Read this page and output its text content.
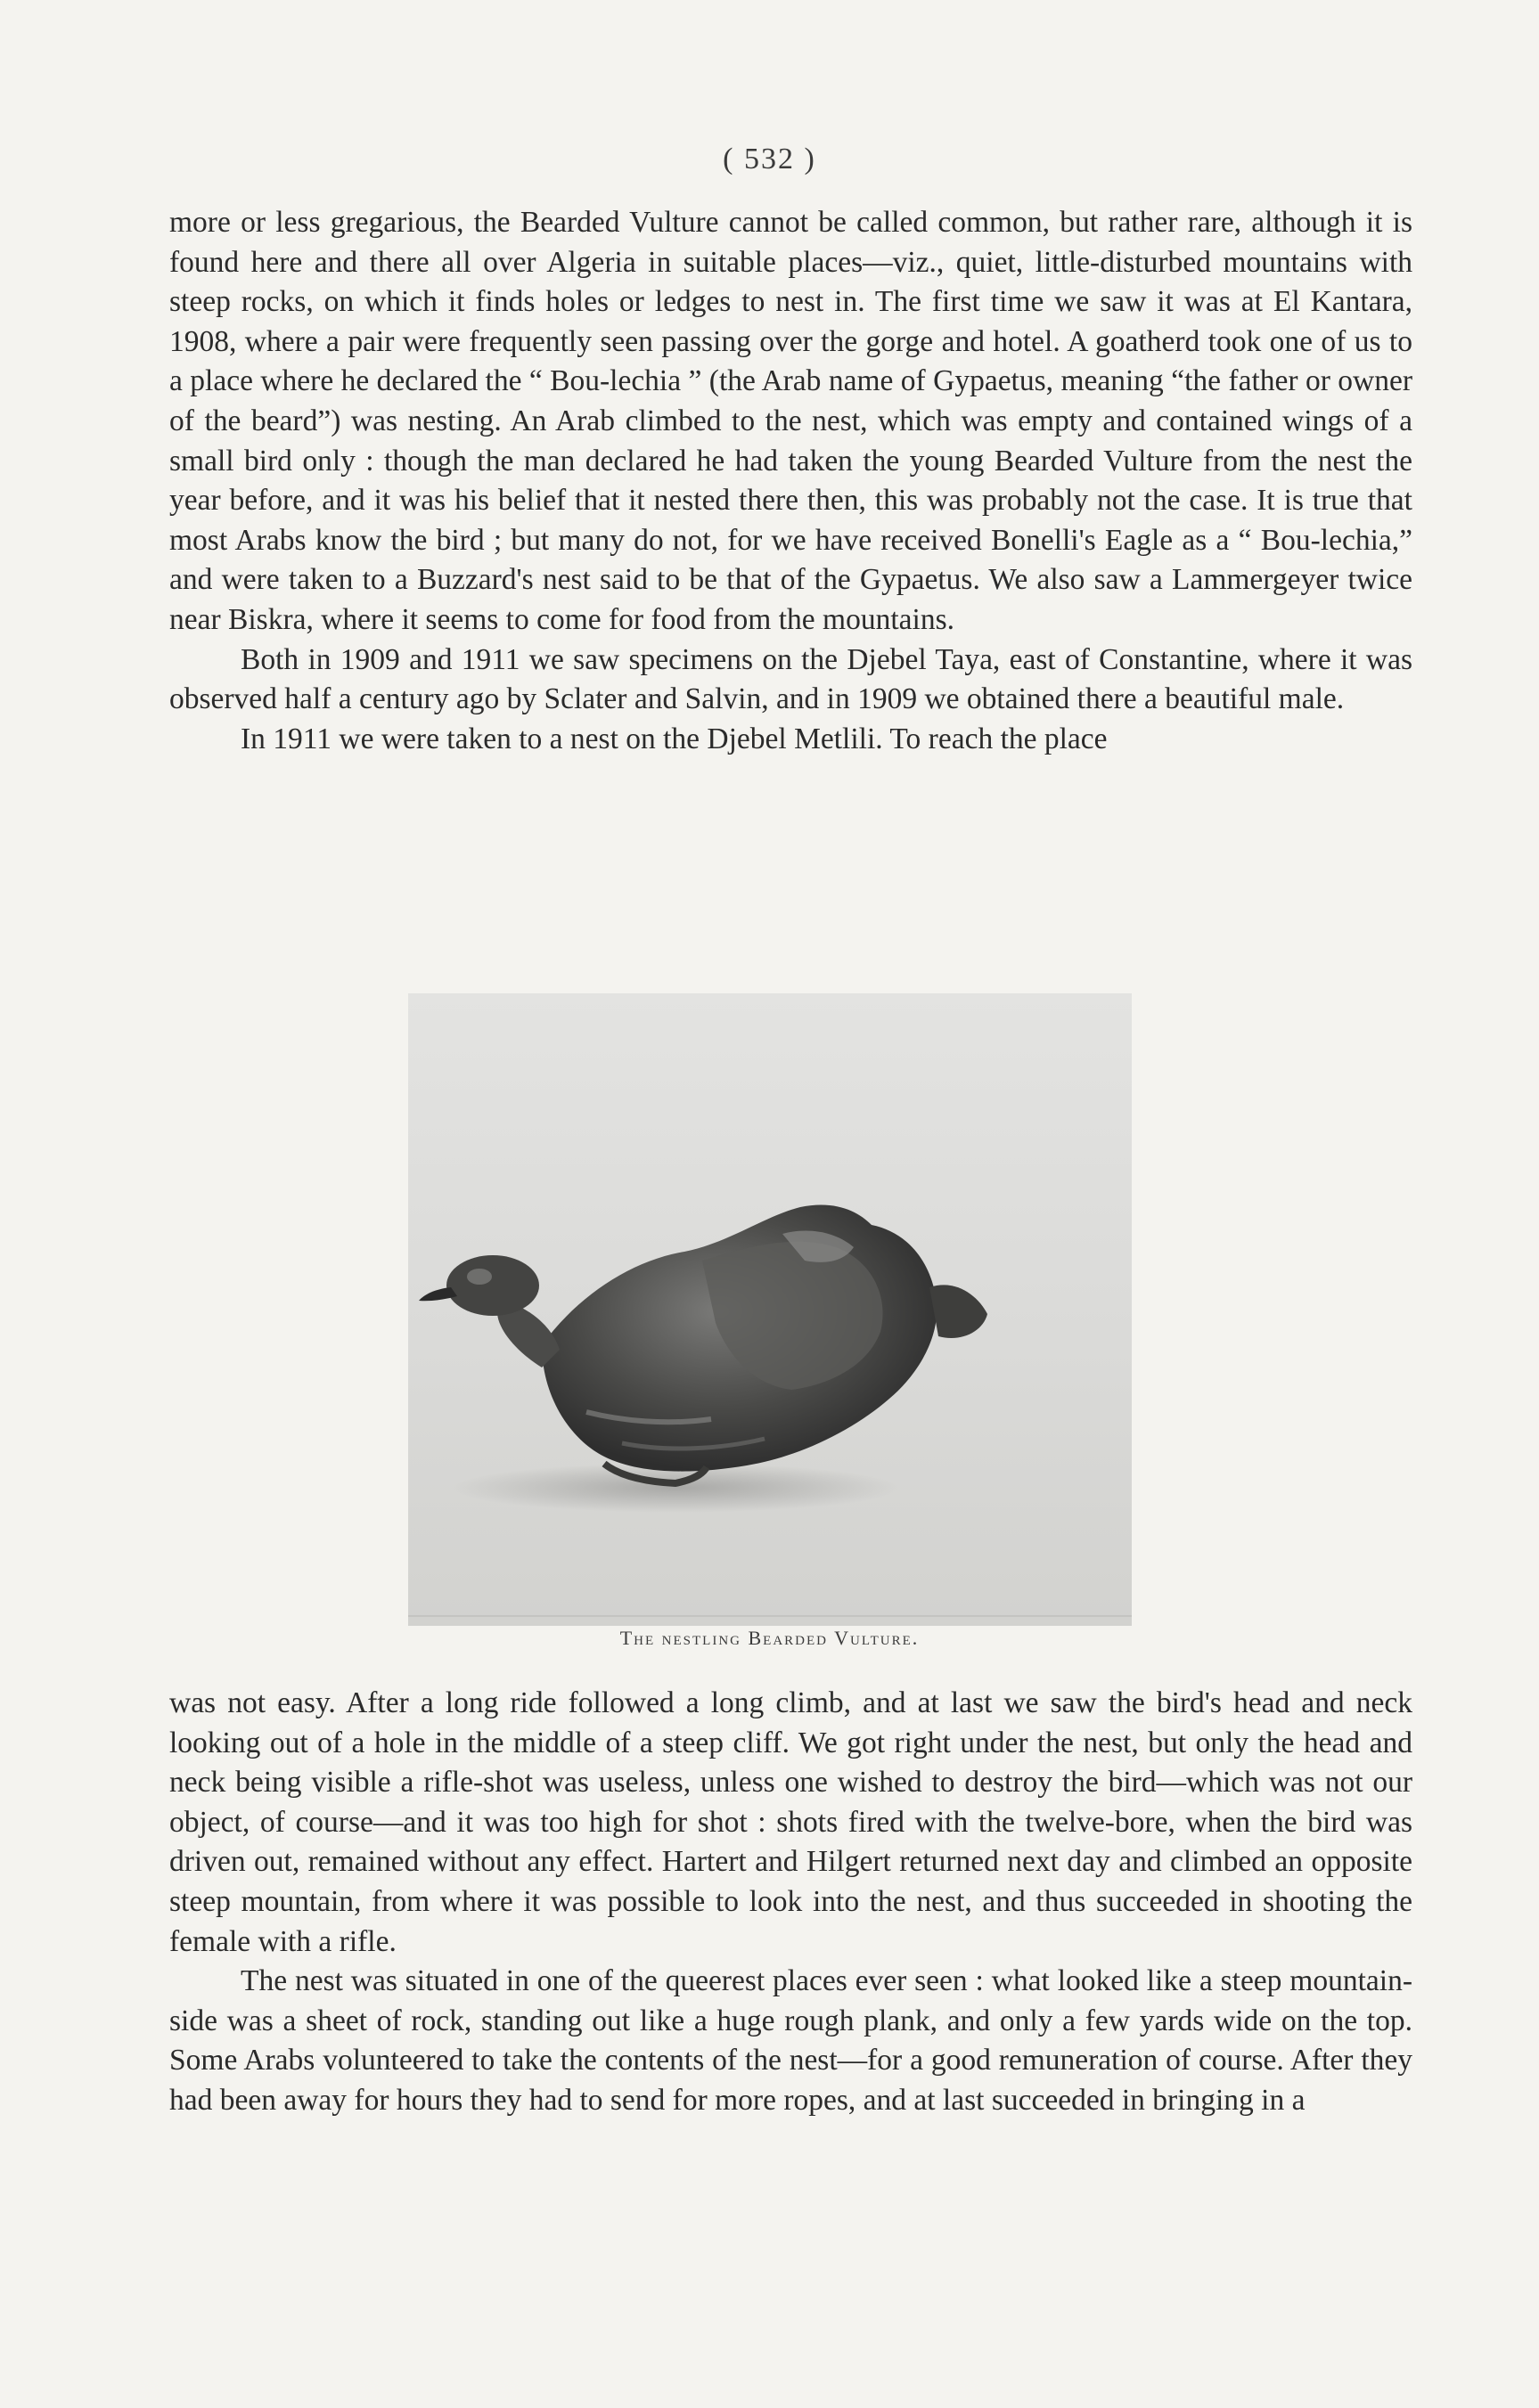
( 532 )

more or less gregarious, the Bearded Vulture cannot be called common, but rather rare, although it is found here and there all over Algeria in suitable places—viz., quiet, little-disturbed mountains with steep rocks, on which it finds holes or ledges to nest in. The first time we saw it was at El Kantara, 1908, where a pair were frequently seen passing over the gorge and hotel. A goatherd took one of us to a place where he declared the “ Bou-lechia ” (the Arab name of Gypaetus, meaning “the father or owner of the beard”) was nesting. An Arab climbed to the nest, which was empty and contained wings of a small bird only : though the man declared he had taken the young Bearded Vulture from the nest the year before, and it was his belief that it nested there then, this was probably not the case. It is true that most Arabs know the bird ; but many do not, for we have received Bonelli's Eagle as a “ Bou-lechia,” and were taken to a Buzzard's nest said to be that of the Gypaetus. We also saw a Lammergeyer twice near Biskra, where it seems to come for food from the mountains.

Both in 1909 and 1911 we saw specimens on the Djebel Taya, east of Constantine, where it was observed half a century ago by Sclater and Salvin, and in 1909 we obtained there a beautiful male.

In 1911 we were taken to a nest on the Djebel Metlili. To reach the place

The nestling Bearded Vulture.

was not easy. After a long ride followed a long climb, and at last we saw the bird's head and neck looking out of a hole in the middle of a steep cliff. We got right under the nest, but only the head and neck being visible a rifle-shot was useless, unless one wished to destroy the bird—which was not our object, of course—and it was too high for shot : shots fired with the twelve-bore, when the bird was driven out, remained without any effect. Hartert and Hilgert returned next day and climbed an opposite steep mountain, from where it was possible to look into the nest, and thus succeeded in shooting the female with a rifle.

The nest was situated in one of the queerest places ever seen : what looked like a steep mountain-side was a sheet of rock, standing out like a huge rough plank, and only a few yards wide on the top. Some Arabs volunteered to take the contents of the nest—for a good remuneration of course. After they had been away for hours they had to send for more ropes, and at last succeeded in bringing in a
